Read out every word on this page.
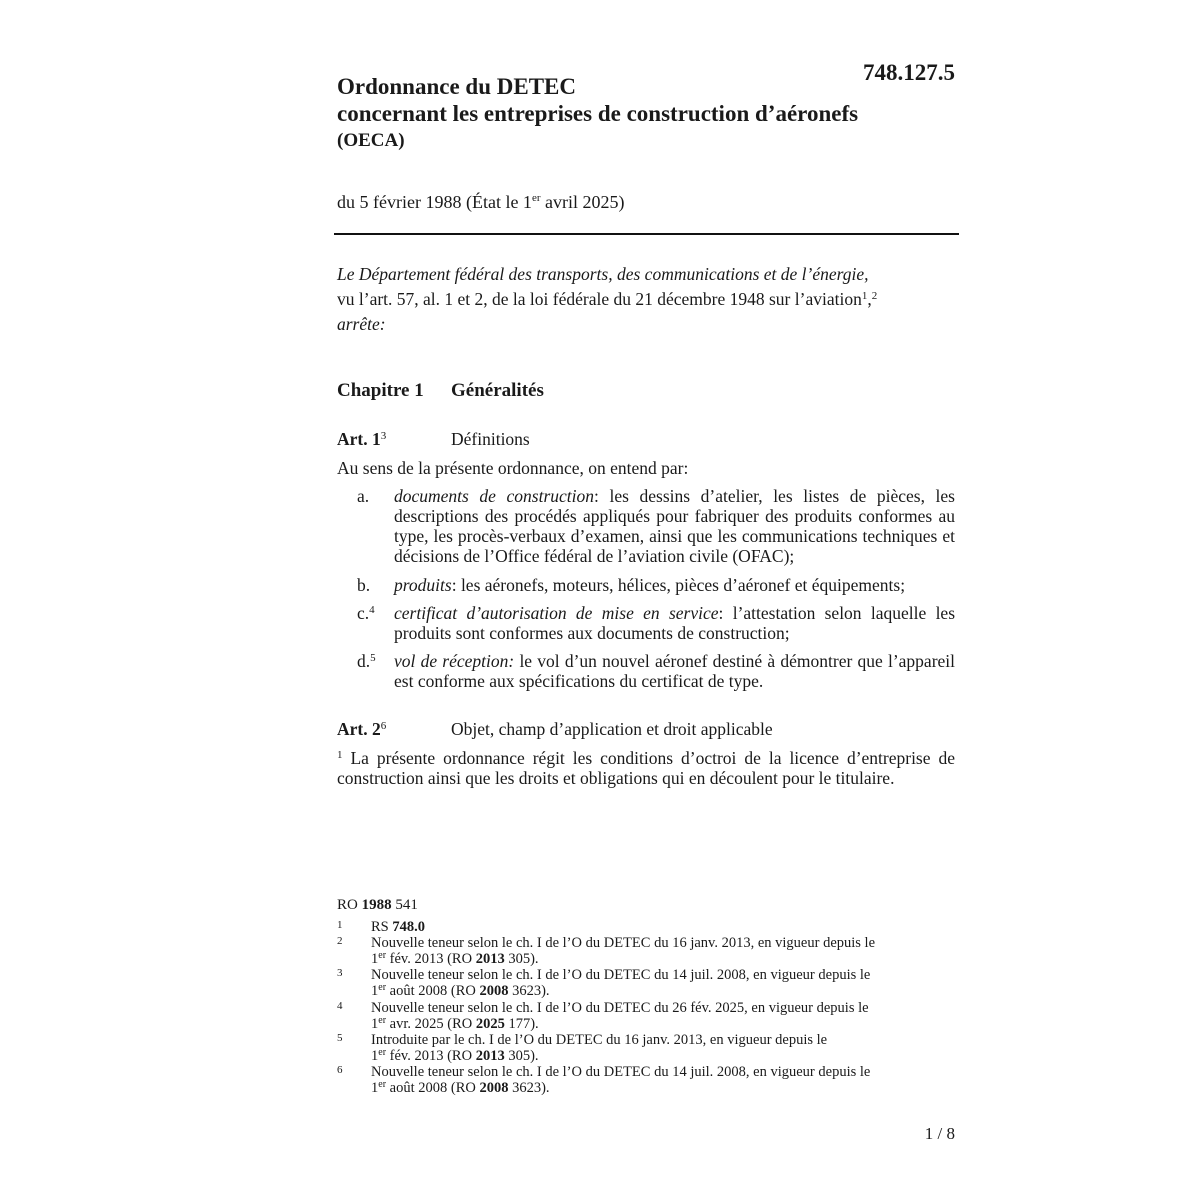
748.127.5
Ordonnance du DETEC
concernant les entreprises de construction d’aéronefs
(OECA)
du 5 février 1988 (État le 1er avril 2025)
Le Département fédéral des transports, des communications et de l’énergie,
vu l’art. 57, al. 1 et 2, de la loi fédérale du 21 décembre 1948 sur l’aviation$^1$,$^2$
arrête:
Chapitre 1 Généralités
Art. $1^3$	Définitions
Au sens de la présente ordonnance, on entend par:
a. documents de construction: les dessins d’atelier, les listes de pièces, les descriptions des procédés appliqués pour fabriquer des produits conformes au type, les procès-verbaux d’examen, ainsi que les communications techniques et décisions de l’Office fédéral de l’aviation civile (OFAC);
b. produits: les aéronefs, moteurs, hélices, pièces d’aéronef et équipements;
c.$^4$ certificat d’autorisation de mise en service: l’attestation selon laquelle les produits sont conformes aux documents de construction;
d.$^5$ vol de réception: le vol d’un nouvel aéronef destiné à démontrer que l’appareil est conforme aux spécifications du certificat de type.
Art. $2^6$	Objet, champ d’application et droit applicable
$^1$ La présente ordonnance régit les conditions d’octroi de la licence d’entreprise de construction ainsi que les droits et obligations qui en découlent pour le titulaire.
RO 1988 541
1 RS 748.0
2 Nouvelle teneur selon le ch. I de l’O du DETEC du 16 janv. 2013, en vigueur depuis le
1er fév. 2013 (RO 2013 305).
3 Nouvelle teneur selon le ch. I de l’O du DETEC du 14 juil. 2008, en vigueur depuis le
1er août 2008 (RO 2008 3623).
4 Nouvelle teneur selon le ch. I de l’O du DETEC du 26 fév. 2025, en vigueur depuis le
1er avr. 2025 (RO 2025 177).
5 Introduite par le ch. I de l’O du DETEC du 16 janv. 2013, en vigueur depuis le
1er fév. 2013 (RO 2013 305).
6 Nouvelle teneur selon le ch. I de l’O du DETEC du 14 juil. 2008, en vigueur depuis le
1er août 2008 (RO 2008 3623).
1 / 8
